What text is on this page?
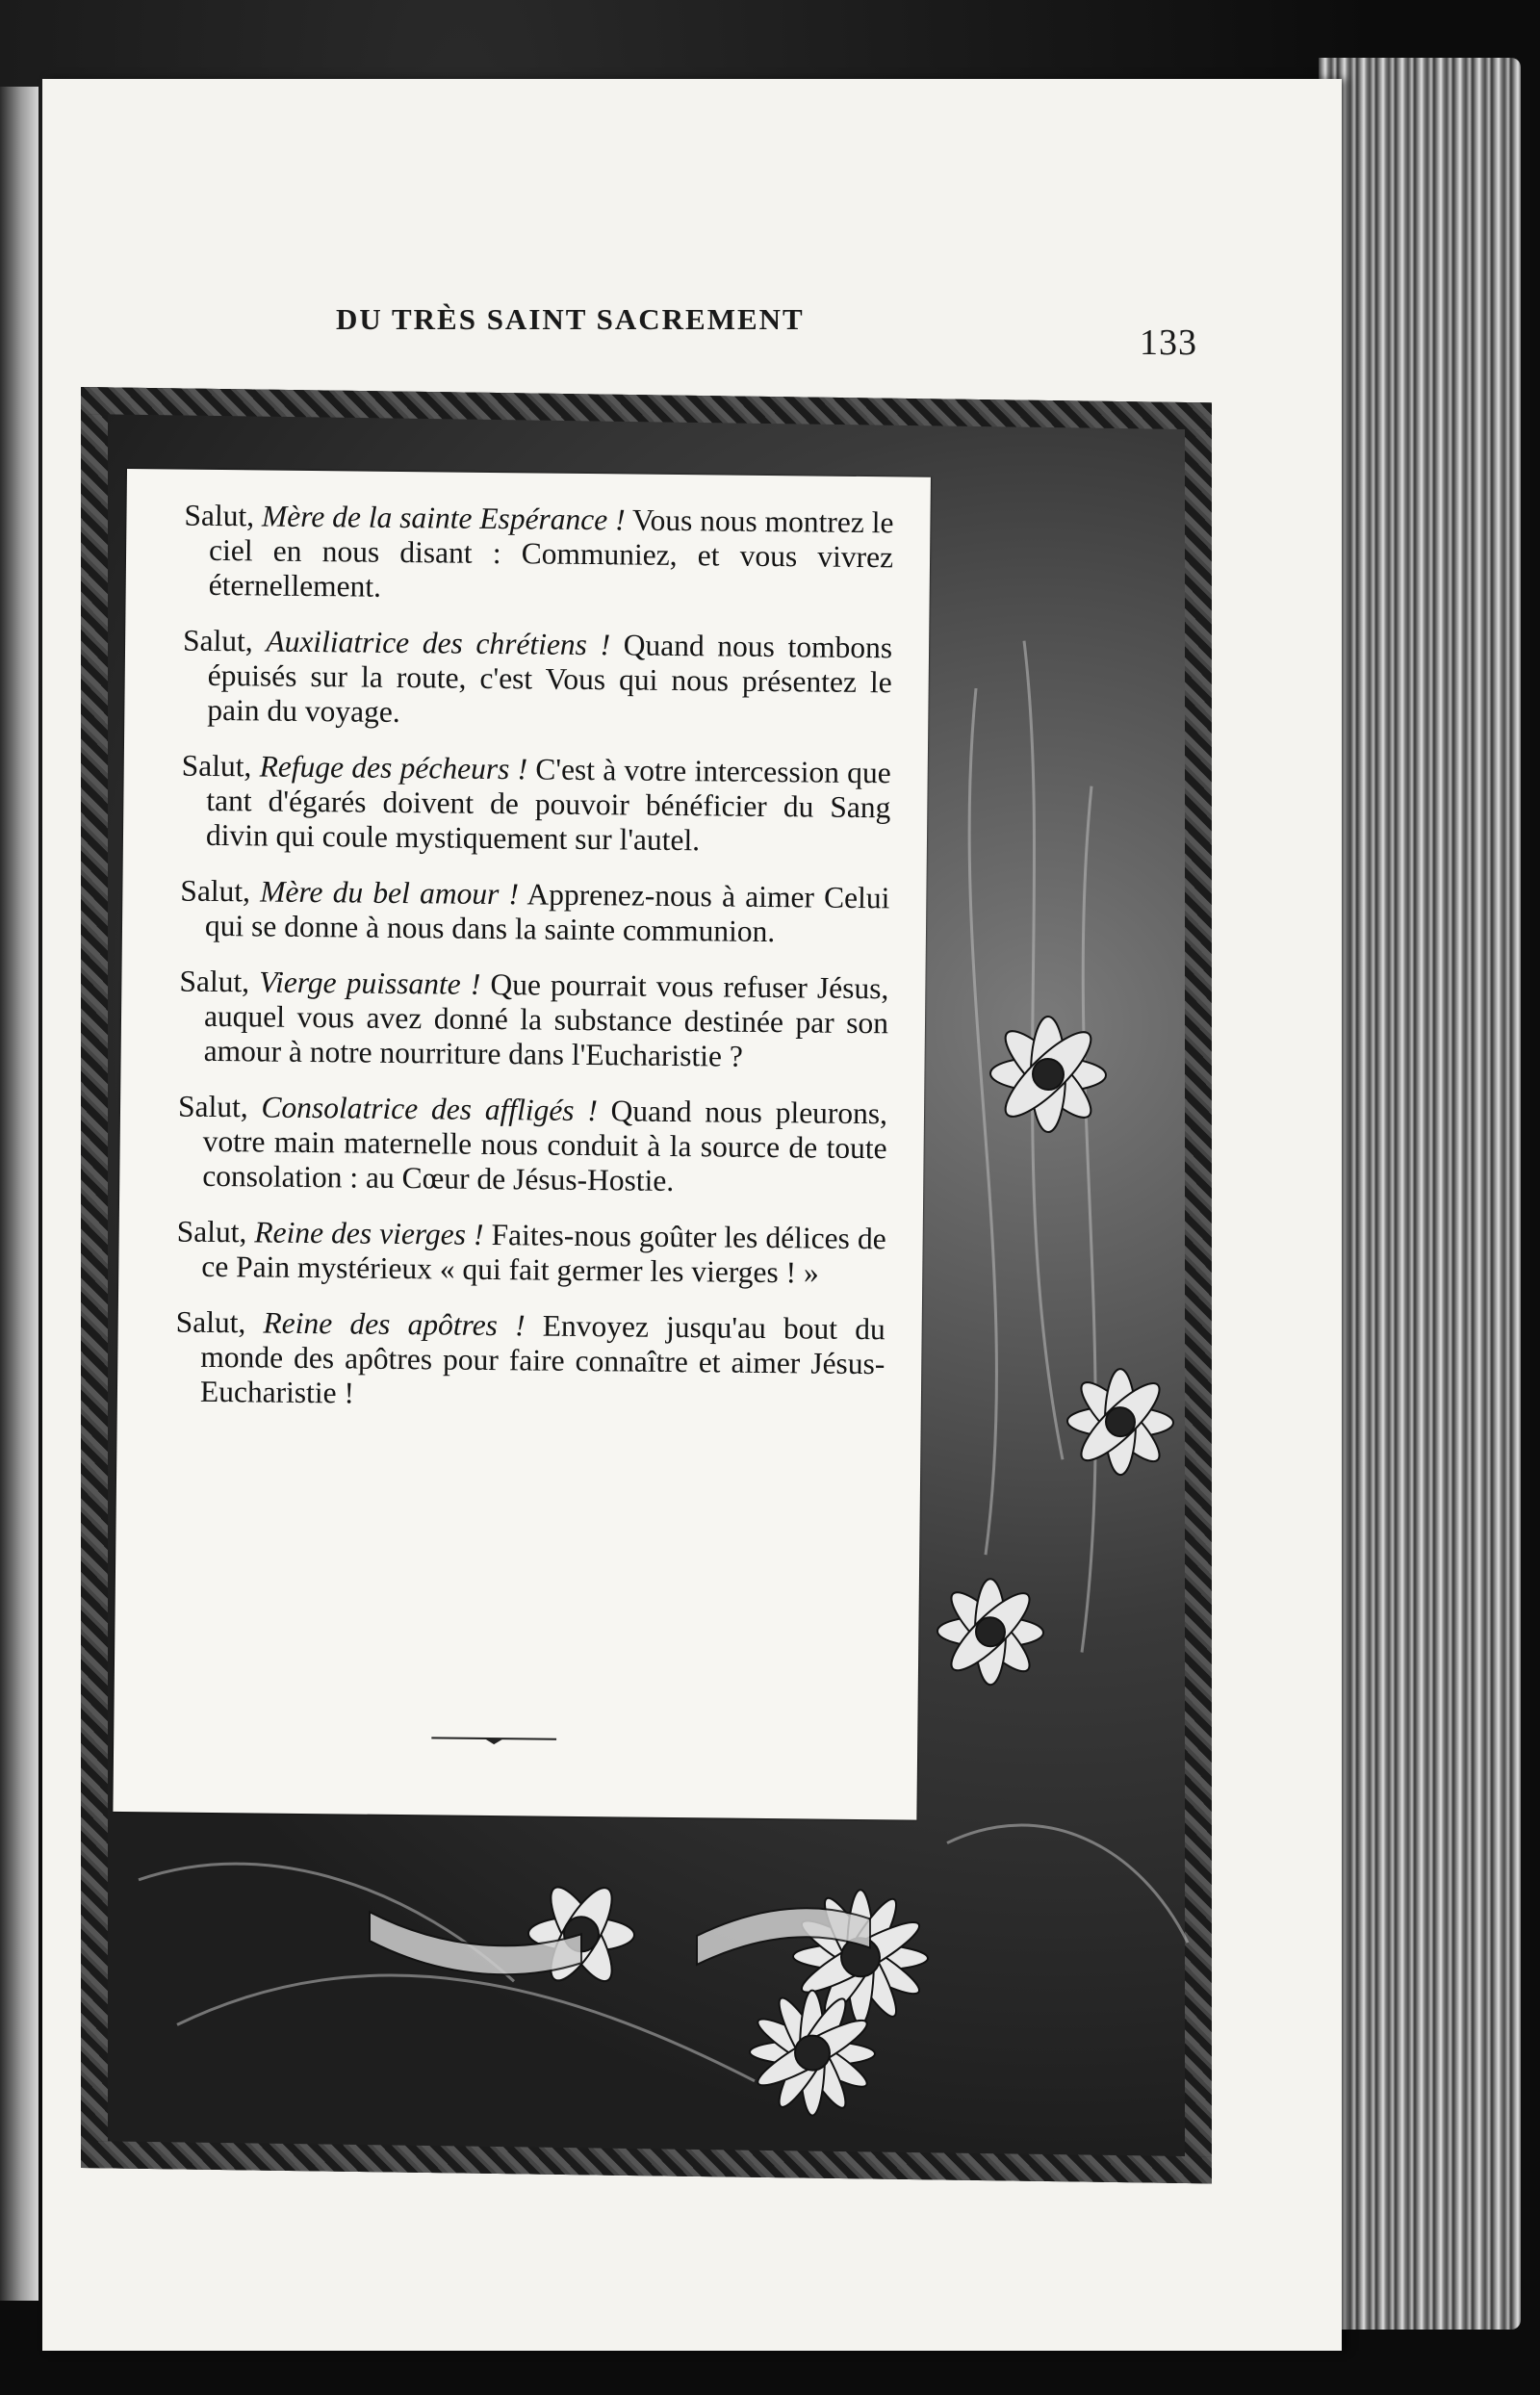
DU TRÈS SAINT SACREMENT
133

Salut, Mère de la sainte Espérance ! Vous nous montrez le ciel en nous disant : Communiez, et vous vivrez éternellement.

Salut, Auxiliatrice des chrétiens ! Quand nous tombons épuisés sur la route, c'est Vous qui nous présentez le pain du voyage.

Salut, Refuge des pécheurs ! C'est à votre intercession que tant d'égarés doivent de pouvoir bénéficier du Sang divin qui coule mystiquement sur l'autel.

Salut, Mère du bel amour ! Apprenez-nous à aimer Celui qui se donne à nous dans la sainte communion.

Salut, Vierge puissante ! Que pourrait vous refuser Jésus, auquel vous avez donné la substance destinée par son amour à notre nourriture dans l'Eucharistie ?

Salut, Consolatrice des affligés ! Quand nous pleurons, votre main maternelle nous conduit à la source de toute consolation : au Cœur de Jésus-Hostie.

Salut, Reine des vierges ! Faites-nous goûter les délices de ce Pain mystérieux « qui fait germer les vierges ! »

Salut, Reine des apôtres ! Envoyez jusqu'au bout du monde des apôtres pour faire connaître et aimer Jésus-Eucharistie !
